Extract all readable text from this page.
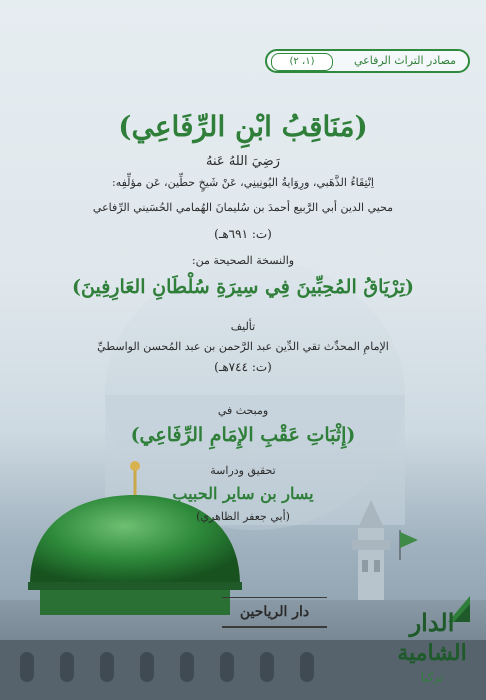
مصادر التراث الرفاعي
(١، ٢)
(مَنَاقِبُ ابْنِ الرِّفَاعِي)
رَضِيَ اللهُ عَنهُ
اِنْتِقَاءُ الذَّهَبي، ورِوَايةُ اليُونِينِي، عَنْ شَيخٍ حطِّين، عَن مؤلِّفِه:
محيي الدين أبي الرَّبيع أحمدَ بن سُليمانَ الهُمامي الحُسَيني الرِّفاعي
(ت: ٦٩١هـ)
والنسخة الصحيحة من:
(تِرْيَاقُ المُحِبِّينَ فِي سِيرَةِ سُلْطَانِ العَارِفِينَ)
تأليف
الإمامِ المحدِّث تقي الدِّين عبد الرَّحمن بن عبد المُحسن الواسطيِّ
(ت: ٧٤٤هـ)
ومبحث في
(إِثْبَاتِ عَقْبِ الإِمَامِ الرِّفَاعِي)
تحقيق ودراسة
يسار بن ساير الحبيب
(أبي جعفر الظاهري)
دار الرياحين	الدار
الشامية
تركيا
